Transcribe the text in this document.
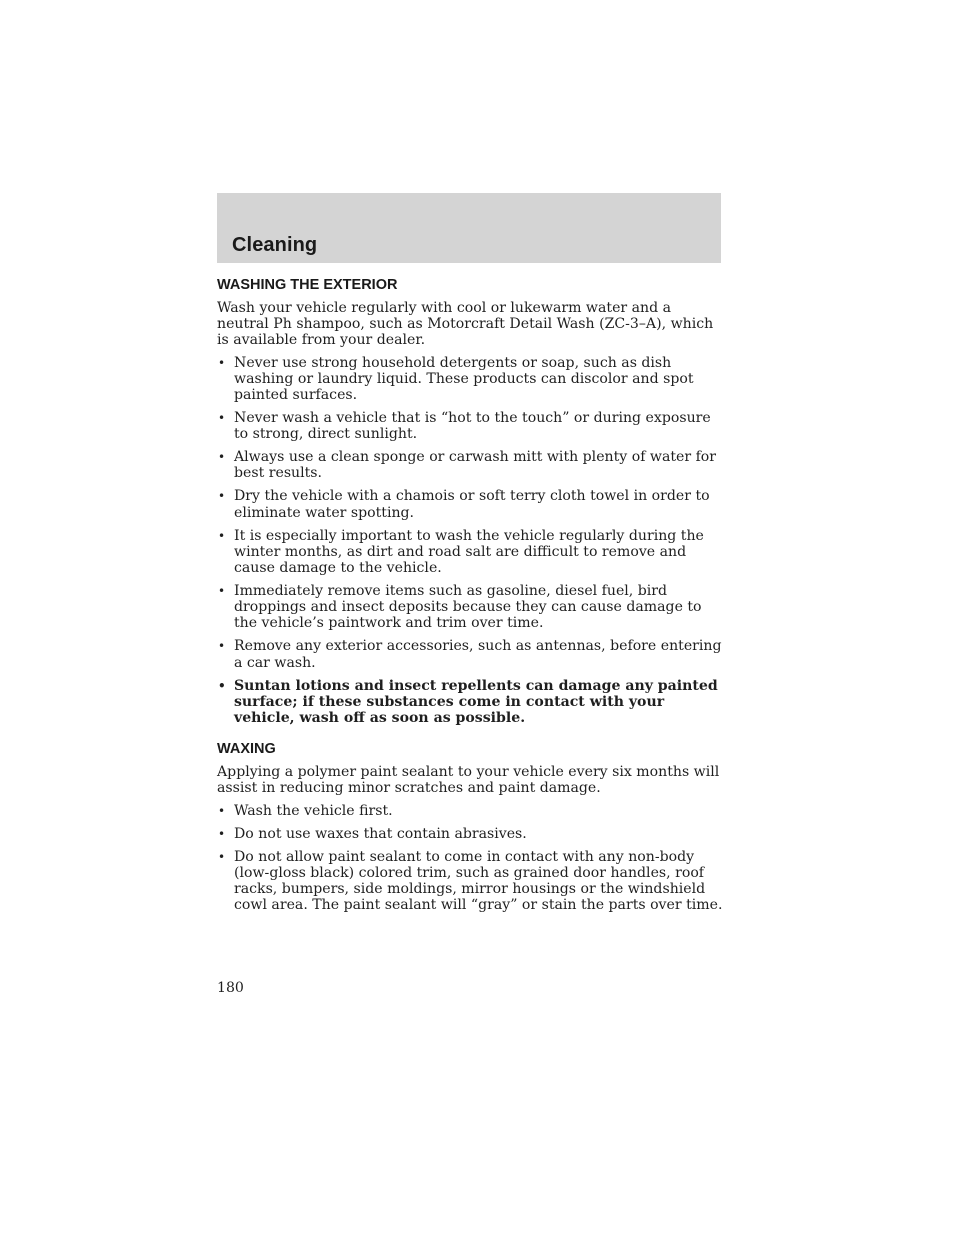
Cleaning
WASHING THE EXTERIOR

Wash your vehicle regularly with cool or lukewarm water and a neutral Ph shampoo, such as Motorcraft Detail Wash (ZC-3–A), which is available from your dealer.

• Never use strong household detergents or soap, such as dish washing or laundry liquid. These products can discolor and spot painted surfaces.
• Never wash a vehicle that is “hot to the touch” or during exposure to strong, direct sunlight.
• Always use a clean sponge or carwash mitt with plenty of water for best results.
• Dry the vehicle with a chamois or soft terry cloth towel in order to eliminate water spotting.
• It is especially important to wash the vehicle regularly during the winter months, as dirt and road salt are difficult to remove and cause damage to the vehicle.
• Immediately remove items such as gasoline, diesel fuel, bird droppings and insect deposits because they can cause damage to the vehicle’s paintwork and trim over time.
• Remove any exterior accessories, such as antennas, before entering a car wash.
• Suntan lotions and insect repellents can damage any painted surface; if these substances come in contact with your vehicle, wash off as soon as possible.
WAXING

Applying a polymer paint sealant to your vehicle every six months will assist in reducing minor scratches and paint damage.

• Wash the vehicle first.
• Do not use waxes that contain abrasives.
• Do not allow paint sealant to come in contact with any non-body (low-gloss black) colored trim, such as grained door handles, roof racks, bumpers, side moldings, mirror housings or the windshield cowl area. The paint sealant will “gray” or stain the parts over time.
180
